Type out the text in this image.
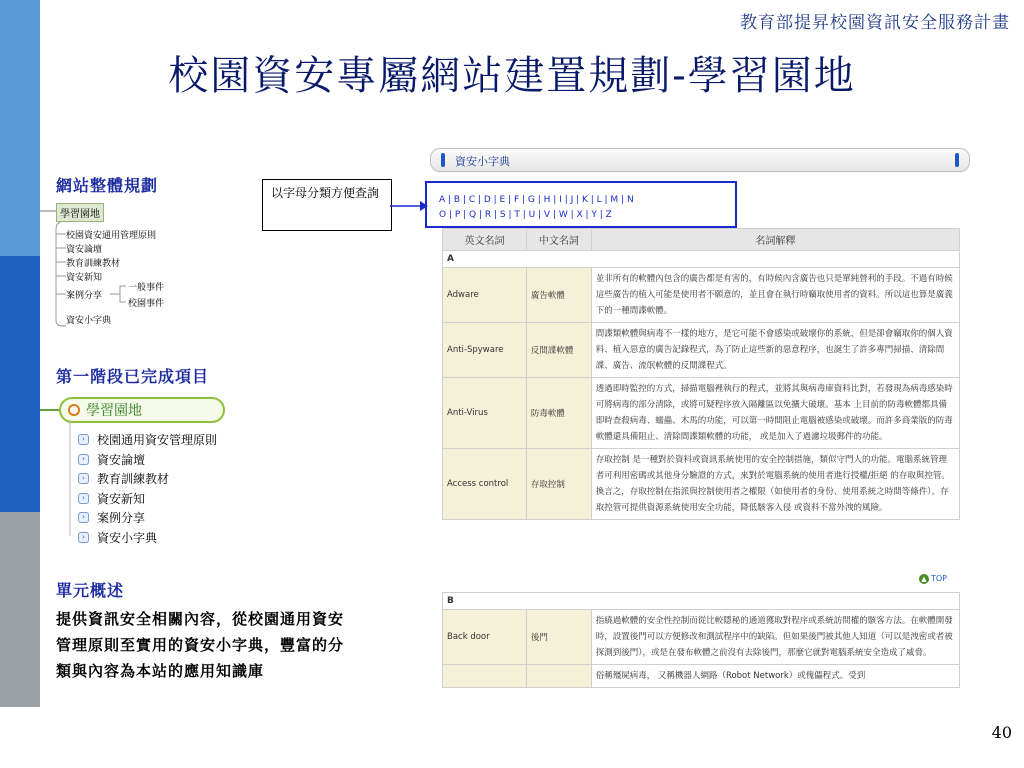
教育部提昇校園資訊安全服務計畫
校園資安專屬網站建置規劃-學習園地
網站整體規劃
學習園地
校園資安通用管理原則
資安論壇
教育訓練教材
資安新知
案例分享
一般事件
校園事件
資安小字典
以字母分類方便查詢
資安小字典
A | B | C | D | E | F | G | H | I | J | K | L | M | N
O | P | Q | R | S | T | U | V | W | X | Y | Z
英文名詞	中文名詞	名詞解釋
A		
Adware	廣告軟體	並非所有的軟體內包含的廣告都是有害的，有時候內含廣告也只是單純營利的手段。不過有時候這些廣告的植入可能是使用者不願意的，並且會在執行時竊取使用者的資料。所以這也算是廣義下的一種間諜軟體。
Anti-Spyware	反間諜軟體	間諜類軟體與病毒不一樣的地方，是它可能不會感染或破壞你的系統，但是卻會竊取你的個人資料、植入惡意的廣告記錄程式，為了防止這些新的惡意程序，也誕生了許多專門掃描、清除間諜、廣告、流氓軟體的反間諜程式。
Anti-Virus	防毒軟體	透過即時監控的方式，掃描電腦裡執行的程式，並將其與病毒庫資料比對，若發現為病毒感染時可將病毒的部分清除，或將可疑程序放入隔離區以免擴大破壞。基本 上目前的防毒軟體都具備即時查殺病毒、蠕蟲、木馬的功能，可以第一時間阻止電腦被感染或破壞。而許多商業版的防毒軟體還具備阻止、清除間諜類軟體的功能， 或是加入了過濾垃圾郵件的功能。
Access control	存取控制	存取控制 是一種對於資料或資訊系統使用的安全控制措施，類似守門人的功能。電腦系統管理者可利用密碼或其他身分驗證的方式，來對於電腦系統的使用者進行授權/拒絕 的存取與控管。換言之，存取控制在指派與控制使用者之權限（如使用者的身份、使用系統之時間等條件）。存取控管可提供資源系統使用安全功能，降低駭客入侵 或資料不當外洩的風險。
▲ TOP
B		
Back door	後門	指繞過軟體的安全性控制而從比較隱秘的通道獲取對程序或系統訪問權的駭客方法。在軟體開發時，設置後門可以方便修改和測試程序中的缺陷。但如果後門被其他人知道（可以是洩密或者被探測到後門），或是在發布軟體之前沒有去除後門，那麼它就對電腦系統安全造成了威脅。
		俗稱殭屍病毒， 又稱機器人網路（Robot Network）或傀儡程式。受到
第一階段已完成項目
學習園地
›	校園通用資安管理原則
›	資安論壇
›	教育訓練教材
›	資安新知
›	案例分享
›	資安小字典
單元概述
提供資訊安全相關內容，從校園通用資安管理原則至實用的資安小字典，豐富的分類與內容為本站的應用知識庫
40
